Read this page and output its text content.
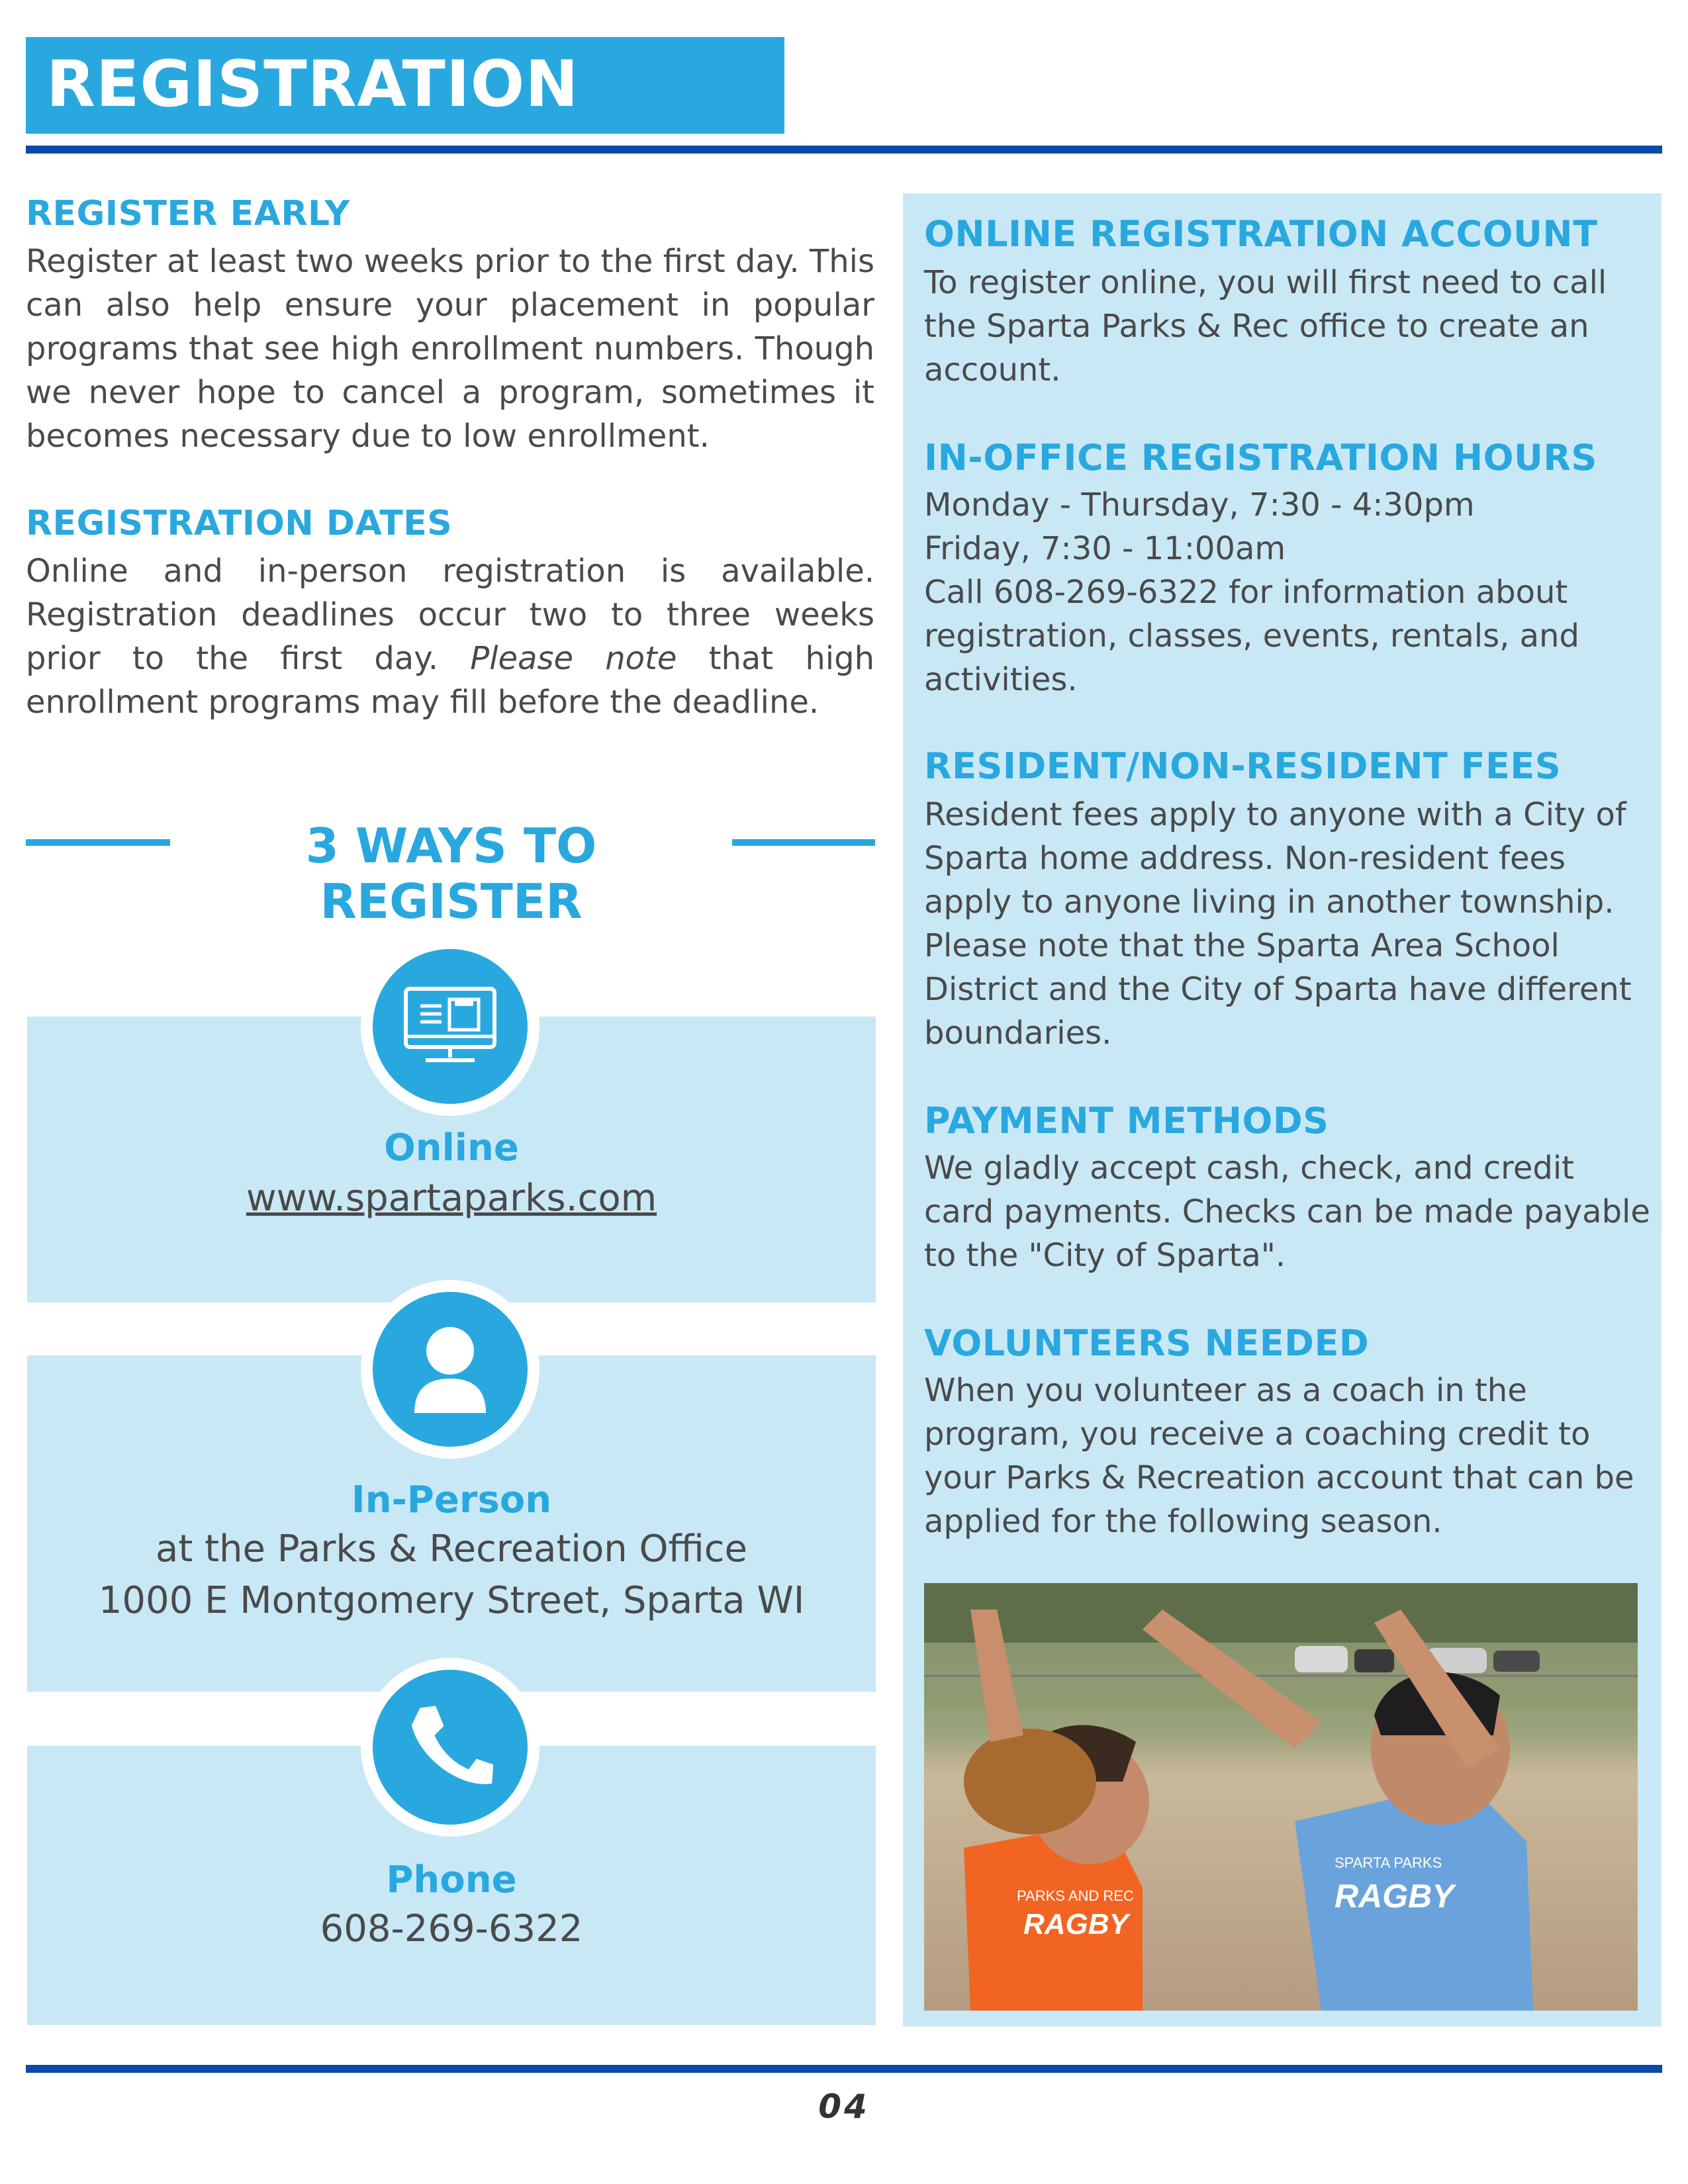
REGISTRATION
REGISTER EARLY
Register at least two weeks prior to the first day. This can also help ensure your placement in popular programs that see high enrollment numbers. Though we never hope to cancel a program, sometimes it becomes necessary due to low enrollment.
REGISTRATION DATES
Online and in-person registration is available. Registration deadlines occur two to three weeks prior to the first day. Please note that high enrollment programs may fill before the deadline.
3 WAYS TO REGISTER
Online
www.spartaparks.com
In-Person
at the Parks & Recreation Office
1000 E Montgomery Street, Sparta WI
Phone
608-269-6322
ONLINE REGISTRATION ACCOUNT
To register online, you will first need to call the Sparta Parks & Rec office to create an account.
IN-OFFICE REGISTRATION HOURS
Monday - Thursday, 7:30 - 4:30pm
Friday, 7:30 - 11:00am
Call 608-269-6322 for information about registration, classes, events, rentals, and activities.
RESIDENT/NON-RESIDENT FEES
Resident fees apply to anyone with a City of Sparta home address. Non-resident fees apply to anyone living in another township. Please note that the Sparta Area School District and the City of Sparta have different boundaries.
PAYMENT METHODS
We gladly accept cash, check, and credit card payments. Checks can be made payable to the "City of Sparta".
VOLUNTEERS NEEDED
When you volunteer as a coach in the program, you receive a coaching credit to your Parks & Recreation account that can be applied for the following season.
PARKS AND REC
RAGBY
SPARTA PARKS
RAGBY
04
